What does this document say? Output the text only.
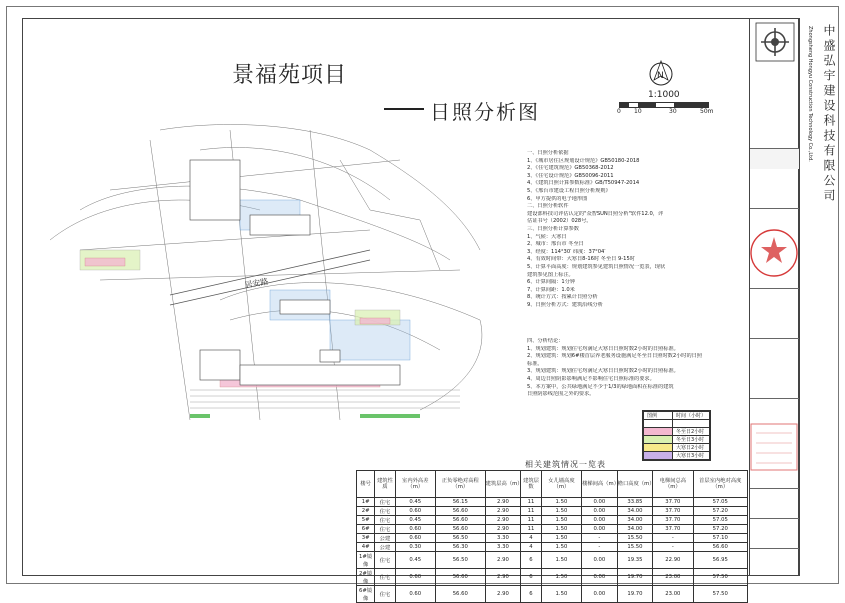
景福苑项目
日照分析图
N
1:1000
0 10	30	50m
居安路
一、日照分析依据
1、《城市居住区规划设计规范》GB50180-2018
2、《住宅建筑规范》GB50368-2012
3、《住宅设计规范》GB50096-2011
4、《建筑日照计算参数标准》GB/T50947-2014
5、《邢台市建设工程日照分析规则》
6、甲方提供的电子地形图
二、日照分析软件
建设部科技司评估认定的"众智SUN日照分析"软件12.0，评
估证书号（2002）028号。
三、日照分析计算参数
1、气候：大寒日
2、城市：邢台市 冬至日
3、经度：114°30′ 纬度：37°04′
4、有效时间带：大寒日8-16时 冬至日 9-15时
5、计算平面高度：规划建筑参见建筑日照情况一览表，现状
建筑参见图上标注。
6、计算间隔：1分钟
7、计算间距：1.0米
8、统计方式：按累计日照分析
9、日照分析方式：建筑沿线分析
四、分析结论：
1、规划建筑：规划住宅均满足大寒日日照时数2小时的日照标准。
2、规划建筑：规划6#楼首层养老服务设施满足冬至日日照时数2小时的日照
标准。
3、规划建筑：规划住宅均满足大寒日日照时数2小时的日照标准。
4、周边日照阴影影响满足不影响住宅日照标准的要求。
5、本方案中，公共绿地满足不少于1/3的绿地面积在标准的建筑
日照阴影线范围之外的要求。
图例	时间（小时）

	冬至日2小时
	冬至日3小时
	大寒日2小时
	大寒日3小时
相关建筑情况一览表
楼号	建筑性质	室内外高差（m）	正负零绝对高程（m）	建筑层高（m）	建筑层数	女儿墙高度（m）	楼梯间高（m）	檐口高度（m）	电梯间总高（m）	首层室内绝对高度（m）
1#	住宅	0.45	56.15	2.90	11	1.50	0.00	33.85	37.70	57.05
2#	住宅	0.60	56.60	2.90	11	1.50	0.00	34.00	37.70	57.20
5#	住宅	0.45	56.60	2.90	11	1.50	0.00	34.00	37.70	57.05
6#	住宅	0.60	56.60	2.90	11	1.50	0.00	34.00	37.70	57.20
3#	公建	0.60	56.50	3.30	4	1.50	-	15.50	-	57.10
4#	公建	0.30	56.30	3.30	4	1.50	-	15.50	-	56.60
1#镜像	住宅	0.45	56.50	2.90	6	1.50	0.00	19.35	22.90	56.95
2#镜像	住宅	0.60	56.60	2.90	6	1.50	0.00	19.70	23.00	57.50
6#镜像	住宅	0.60	56.60	2.90	6	1.50	0.00	19.70	23.00	57.50
中盛弘宇建设科技有限公司
Zhongsheng Hongyu Construction Technology Co.,Ltd.
